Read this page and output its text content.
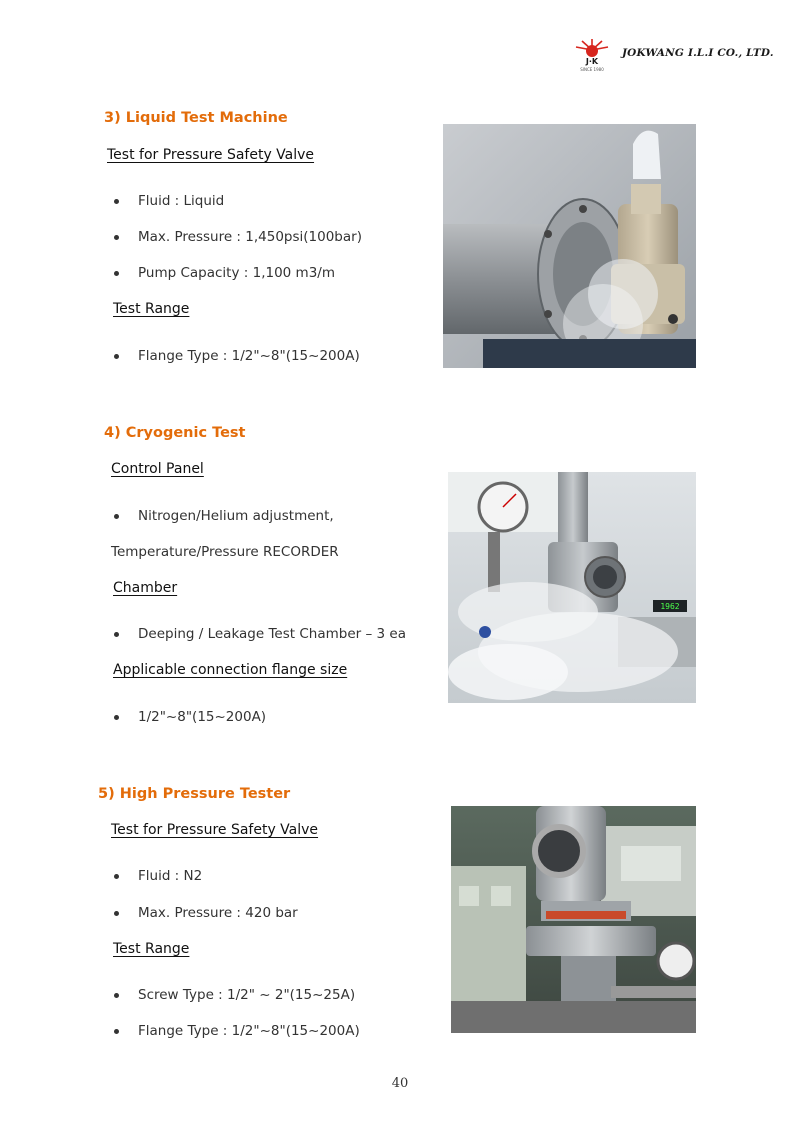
J·K
SINCE 1980
JOKWANG I.L.I CO., LTD.
3) Liquid Test Machine
Test for Pressure Safety Valve
Fluid : Liquid
Max. Pressure : 1,450psi(100bar)
Pump Capacity : 1,100 m3/m
Test Range
Flange Type : 1/2"~8"(15~200A)
4) Cryogenic Test
Control Panel
Nitrogen/Helium adjustment,
Temperature/Pressure RECORDER
Chamber
Deeping / Leakage Test Chamber – 3 ea
Applicable connection flange size
1/2"~8"(15~200A)
1962
5) High Pressure Tester
Test for Pressure Safety Valve
Fluid : N2
Max. Pressure : 420 bar
Test Range
Screw Type : 1/2" ~ 2"(15~25A)
Flange Type : 1/2"~8"(15~200A)
40
